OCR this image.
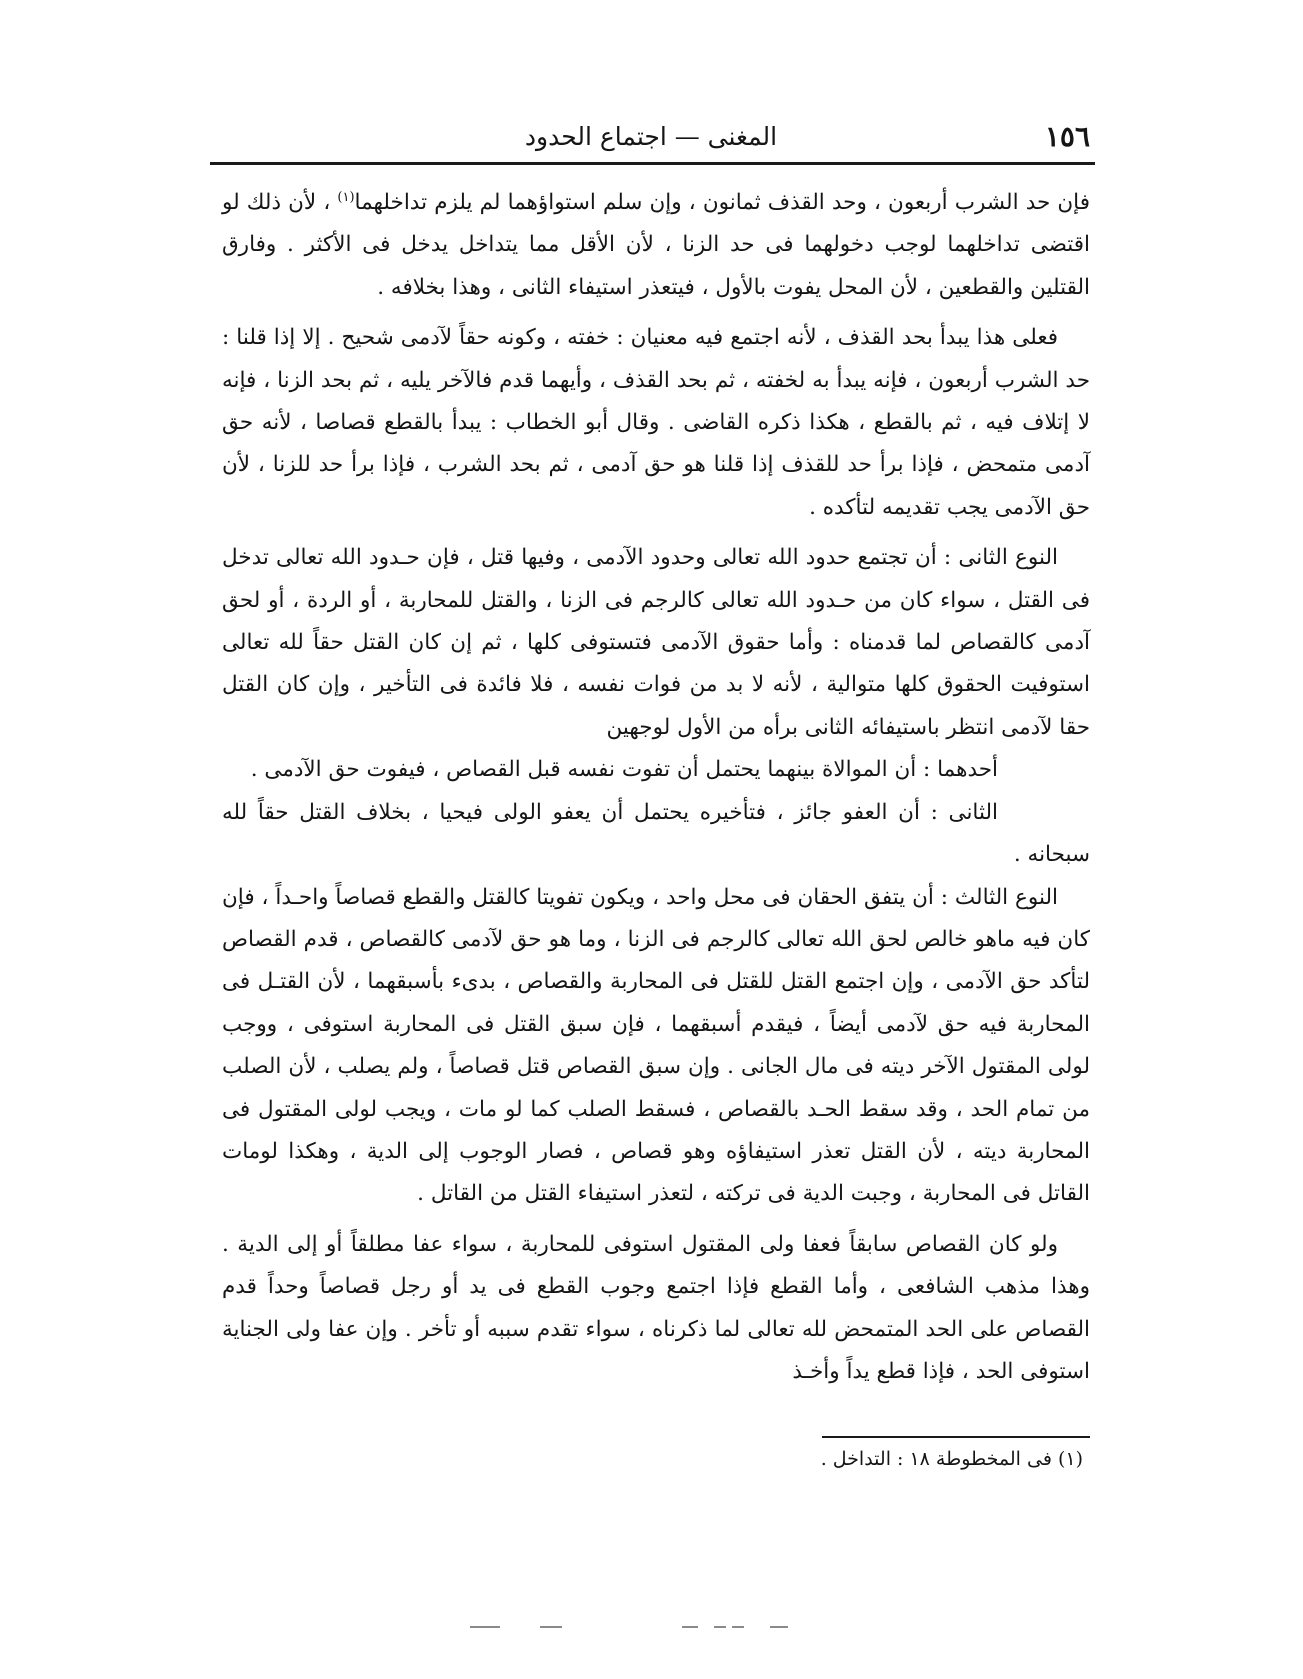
١٥٦
المغنى — اجتماع الحدود

فإن حد الشرب أربعون ، وحد القذف ثمانون ، وإن سلم استواؤهما لم يلزم تداخلهما$^{(١)}$ ، لأن ذلك لو اقتضى تداخلهما لوجب دخولهما فى حد الزنا ، لأن الأقل مما يتداخل يدخل فى الأكثر . وفارق القتلين والقطعين ، لأن المحل يفوت بالأول ، فيتعذر استيفاء الثانى ، وهذا بخلافه .

فعلى هذا يبدأ بحد القذف ، لأنه اجتمع فيه معنيان : خفته ، وكونه حقاً لآدمى شحيح . إلا إذا قلنا : حد الشرب أربعون ، فإنه يبدأ به لخفته ، ثم بحد القذف ، وأيهما قدم فالآخر يليه ، ثم بحد الزنا ، فإنه لا إتلاف فيه ، ثم بالقطع ، هكذا ذكره القاضى . وقال أبو الخطاب : يبدأ بالقطع قصاصا ، لأنه حق آدمى متمحض ، فإذا برأ حد للقذف إذا قلنا هو حق آدمى ، ثم بحد الشرب ، فإذا برأ حد للزنا ، لأن حق الآدمى يجب تقديمه لتأكده .

النوع الثانى : أن تجتمع حدود الله تعالى وحدود الآدمى ، وفيها قتل ، فإن حـدود الله تعالى تدخل فى القتل ، سواء كان من حـدود الله تعالى كالرجم فى الزنا ، والقتل للمحاربة ، أو الردة ، أو لحق آدمى كالقصاص لما قدمناه : وأما حقوق الآدمى فتستوفى كلها ، ثم إن كان القتل حقاً لله تعالى استوفيت الحقوق كلها متوالية ، لأنه لا بد من فوات نفسه ، فلا فائدة فى التأخير ، وإن كان القتل حقا لآدمى انتظر باستيفائه الثانى برأه من الأول لوجهين

أحدهما : أن الموالاة بينهما يحتمل أن تفوت نفسه قبل القصاص ، فيفوت حق الآدمى .

الثانى : أن العفو جائز ، فتأخيره يحتمل أن يعفو الولى فيحيا ، بخلاف القتل حقاً لله سبحانه .

النوع الثالث : أن يتفق الحقان فى محل واحد ، ويكون تفويتا كالقتل والقطع قصاصاً واحـداً ، فإن كان فيه ماهو خالص لحق الله تعالى كالرجم فى الزنا ، وما هو حق لآدمى كالقصاص ، قدم القصاص لتأكد حق الآدمى ، وإن اجتمع القتل للقتل فى المحاربة والقصاص ، بدىء بأسبقهما ، لأن القتـل فى المحاربة فيه حق لآدمى أيضاً ، فيقدم أسبقهما ، فإن سبق القتل فى المحاربة استوفى ، ووجب لولى المقتول الآخر ديته فى مال الجانى . وإن سبق القصاص قتل قصاصاً ، ولم يصلب ، لأن الصلب من تمام الحد ، وقد سقط الحـد بالقصاص ، فسقط الصلب كما لو مات ، ويجب لولى المقتول فى المحاربة ديته ، لأن القتل تعذر استيفاؤه وهو قصاص ، فصار الوجوب إلى الدية ، وهكذا لومات القاتل فى المحاربة ، وجبت الدية فى تركته ، لتعذر استيفاء القتل من القاتل .

ولو كان القصاص سابقاً فعفا ولى المقتول استوفى للمحاربة ، سواء عفا مطلقاً أو إلى الدية . وهذا مذهب الشافعى ، وأما القطع فإذا اجتمع وجوب القطع فى يد أو رجل قصاصاً وحداً قدم القصاص على الحد المتمحض لله تعالى لما ذكرناه ، سواء تقدم سببه أو تأخر . وإن عفا ولى الجناية استوفى الحد ، فإذا قطع يداً وأخـذ

(١) فى المخطوطة ١٨ : التداخل .
